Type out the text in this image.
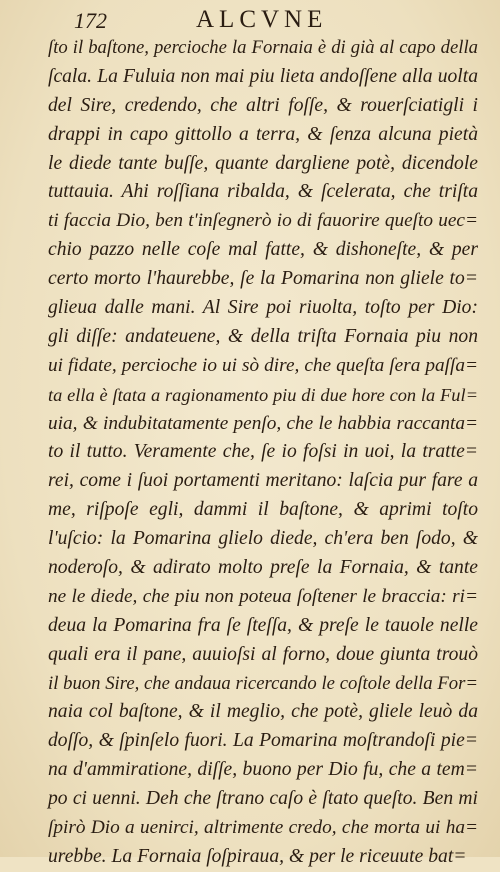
172	ALCVNE
ſto il baſtone, percioche la Fornaia è di già al capo della
ſcala. La Fuluia non mai piu lieta andoſſene alla uolta
del Sire, credendo, che altri foſſe, & rouerſciatigli i
drappi in capo gittollo a terra, & ſenza alcuna pietà
le diede tante buſſe, quante dargliene potè, dicendole
tuttauia. Ahi roſſiana ribalda, & ſcelerata, che triſta
ti faccia Dio, ben t'inſegnerò io di fauorire queſto uec=
chio pazzo nelle coſe mal fatte, & dishoneſte, & per
certo morto l'haurebbe, ſe la Pomarina non gliele to=
glieua dalle mani. Al Sire poi riuolta, toſto per Dio:
gli diſſe: andateuene, & della triſta Fornaia piu non
ui fidate, percioche io ui sò dire, che queſta ſera paſſa=
ta ella è ſtata a ragionamento piu di due hore con la Ful=
uia, & indubitatamente penſo, che le habbia raccanta=
to il tutto. Veramente che, ſe io foſsi in uoi, la tratte=
rei, come i ſuoi portamenti meritano: laſcia pur fare a
me, riſpoſe egli, dammi il baſtone, & aprimi toſto
l'uſcio: la Pomarina glielo diede, ch'era ben ſodo, &
noderoſo, & adirato molto preſe la Fornaia, & tante
ne le diede, che piu non poteua ſoſtener le braccia: ri=
deua la Pomarina fra ſe ſteſſa, & preſe le tauole nelle
quali era il pane, auuioſsi al forno, doue giunta trouò
il buon Sire, che andaua ricercando le coſtole della For=
naia col baſtone, & il meglio, che potè, gliele leuò da
doſſo, & ſpinſelo fuori. La Pomarina moſtrandoſi pie=
na d'ammiratione, diſſe, buono per Dio fu, che a tem=
po ci uenni. Deh che ſtrano caſo è ſtato queſto. Ben mi
ſpirò Dio a uenirci, altrimente credo, che morta ui ha=
urebbe. La Fornaia ſoſpiraua, & per le riceuute bat=
